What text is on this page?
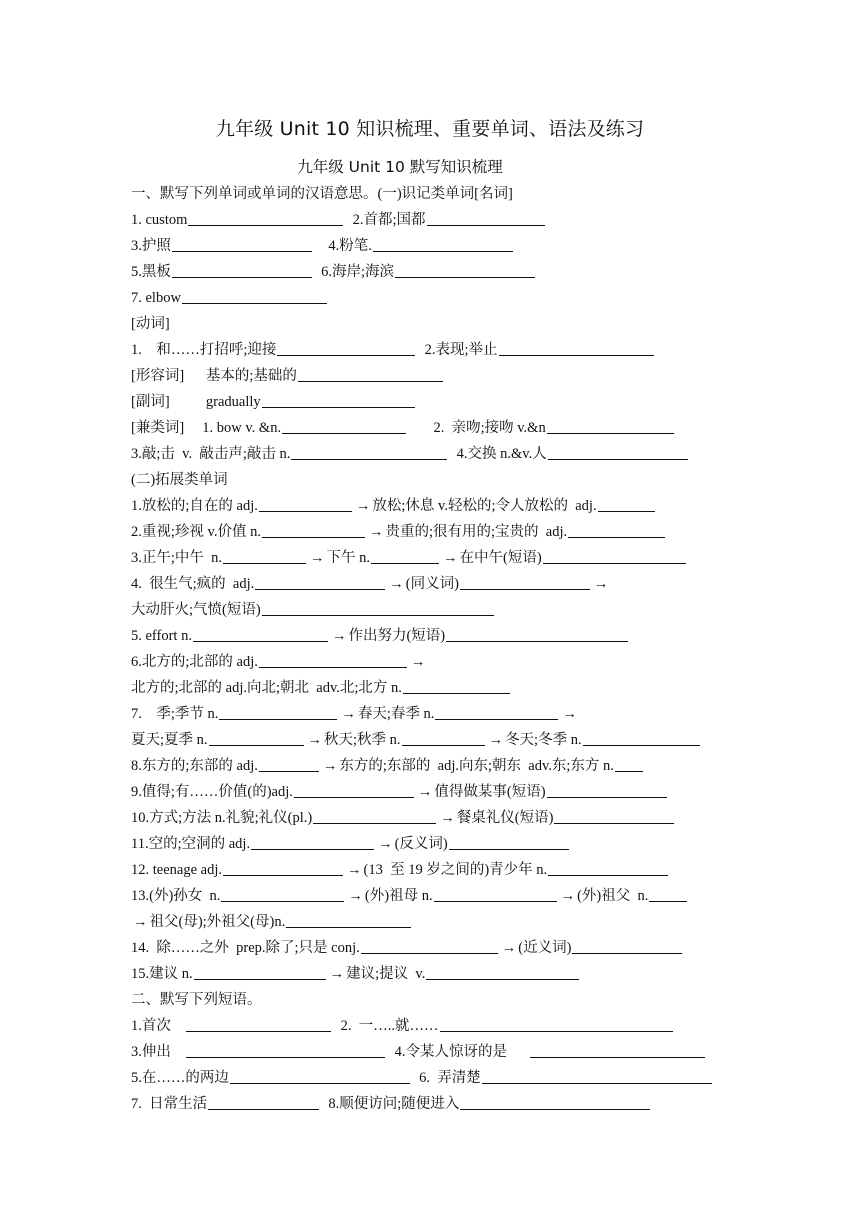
九年级 Unit 10 知识梳理、重要单词、语法及练习
九年级 Unit 10 默写知识梳理
一、默写下列单词或单词的汉语意思。(一)识记类单词[名词]
1. custom	2.首都;国都
3.护照	4.粉笔.
5.黑板	6.海岸;海滨
7. elbow
[动词]
1.    和……打招呼;迎接	2.表现;举止
[形容词]      基本的;基础的
[副词]          gradually
[兼类词]     1. bow v. &n.	2.  亲吻;接吻 v.&n
3.敲;击  v.  敲击声;敲击 n.	4.交换 n.&v.人
(二)拓展类单词
1.放松的;自在的 adj.	→ 放松;休息 v.轻松的;令人放松的  adj.
2.重视;珍视 v.价值 n.	→ 贵重的;很有用的;宝贵的  adj.
3.正午;中午  n.	→ 下午 n.	→ 在中午(短语)
4.  很生气;疯的  adj.	→ (同义词)	→
大动肝火;气愤(短语)
5. effort n.	→ 作出努力(短语)
6.北方的;北部的 adj.	→
北方的;北部的 adj.向北;朝北  adv.北;北方 n.
7.    季;季节 n.	→ 春天;春季 n.	→
夏天;夏季 n.	→ 秋天;秋季 n.	→ 冬天;冬季 n.
8.东方的;东部的 adj.	→ 东方的;东部的  adj.向东;朝东  adv.东;东方 n.
9.值得;有……价值(的)adj.	→ 值得做某事(短语)
10.方式;方法 n.礼貌;礼仪(pl.)	→ 餐桌礼仪(短语)
11.空的;空洞的 adj.	→ (反义词)
12. teenage adj.	→ (13  至 19 岁之间的)青少年 n.
13.(外)孙女  n.	→ (外)祖母 n.	→ (外)祖父  n.
→ 祖父(母);外祖父(母)n.
14.  除……之外  prep.除了;只是 conj.	→ (近义词)
15.建议 n.	→ 建议;提议  v.
二、默写下列短语。
1.首次	2.  一…..就……
3.伸出	4.令某人惊讶的是
5.在……的两边	6.  弄清楚
7.  日常生活	8.顺便访问;随便进入
